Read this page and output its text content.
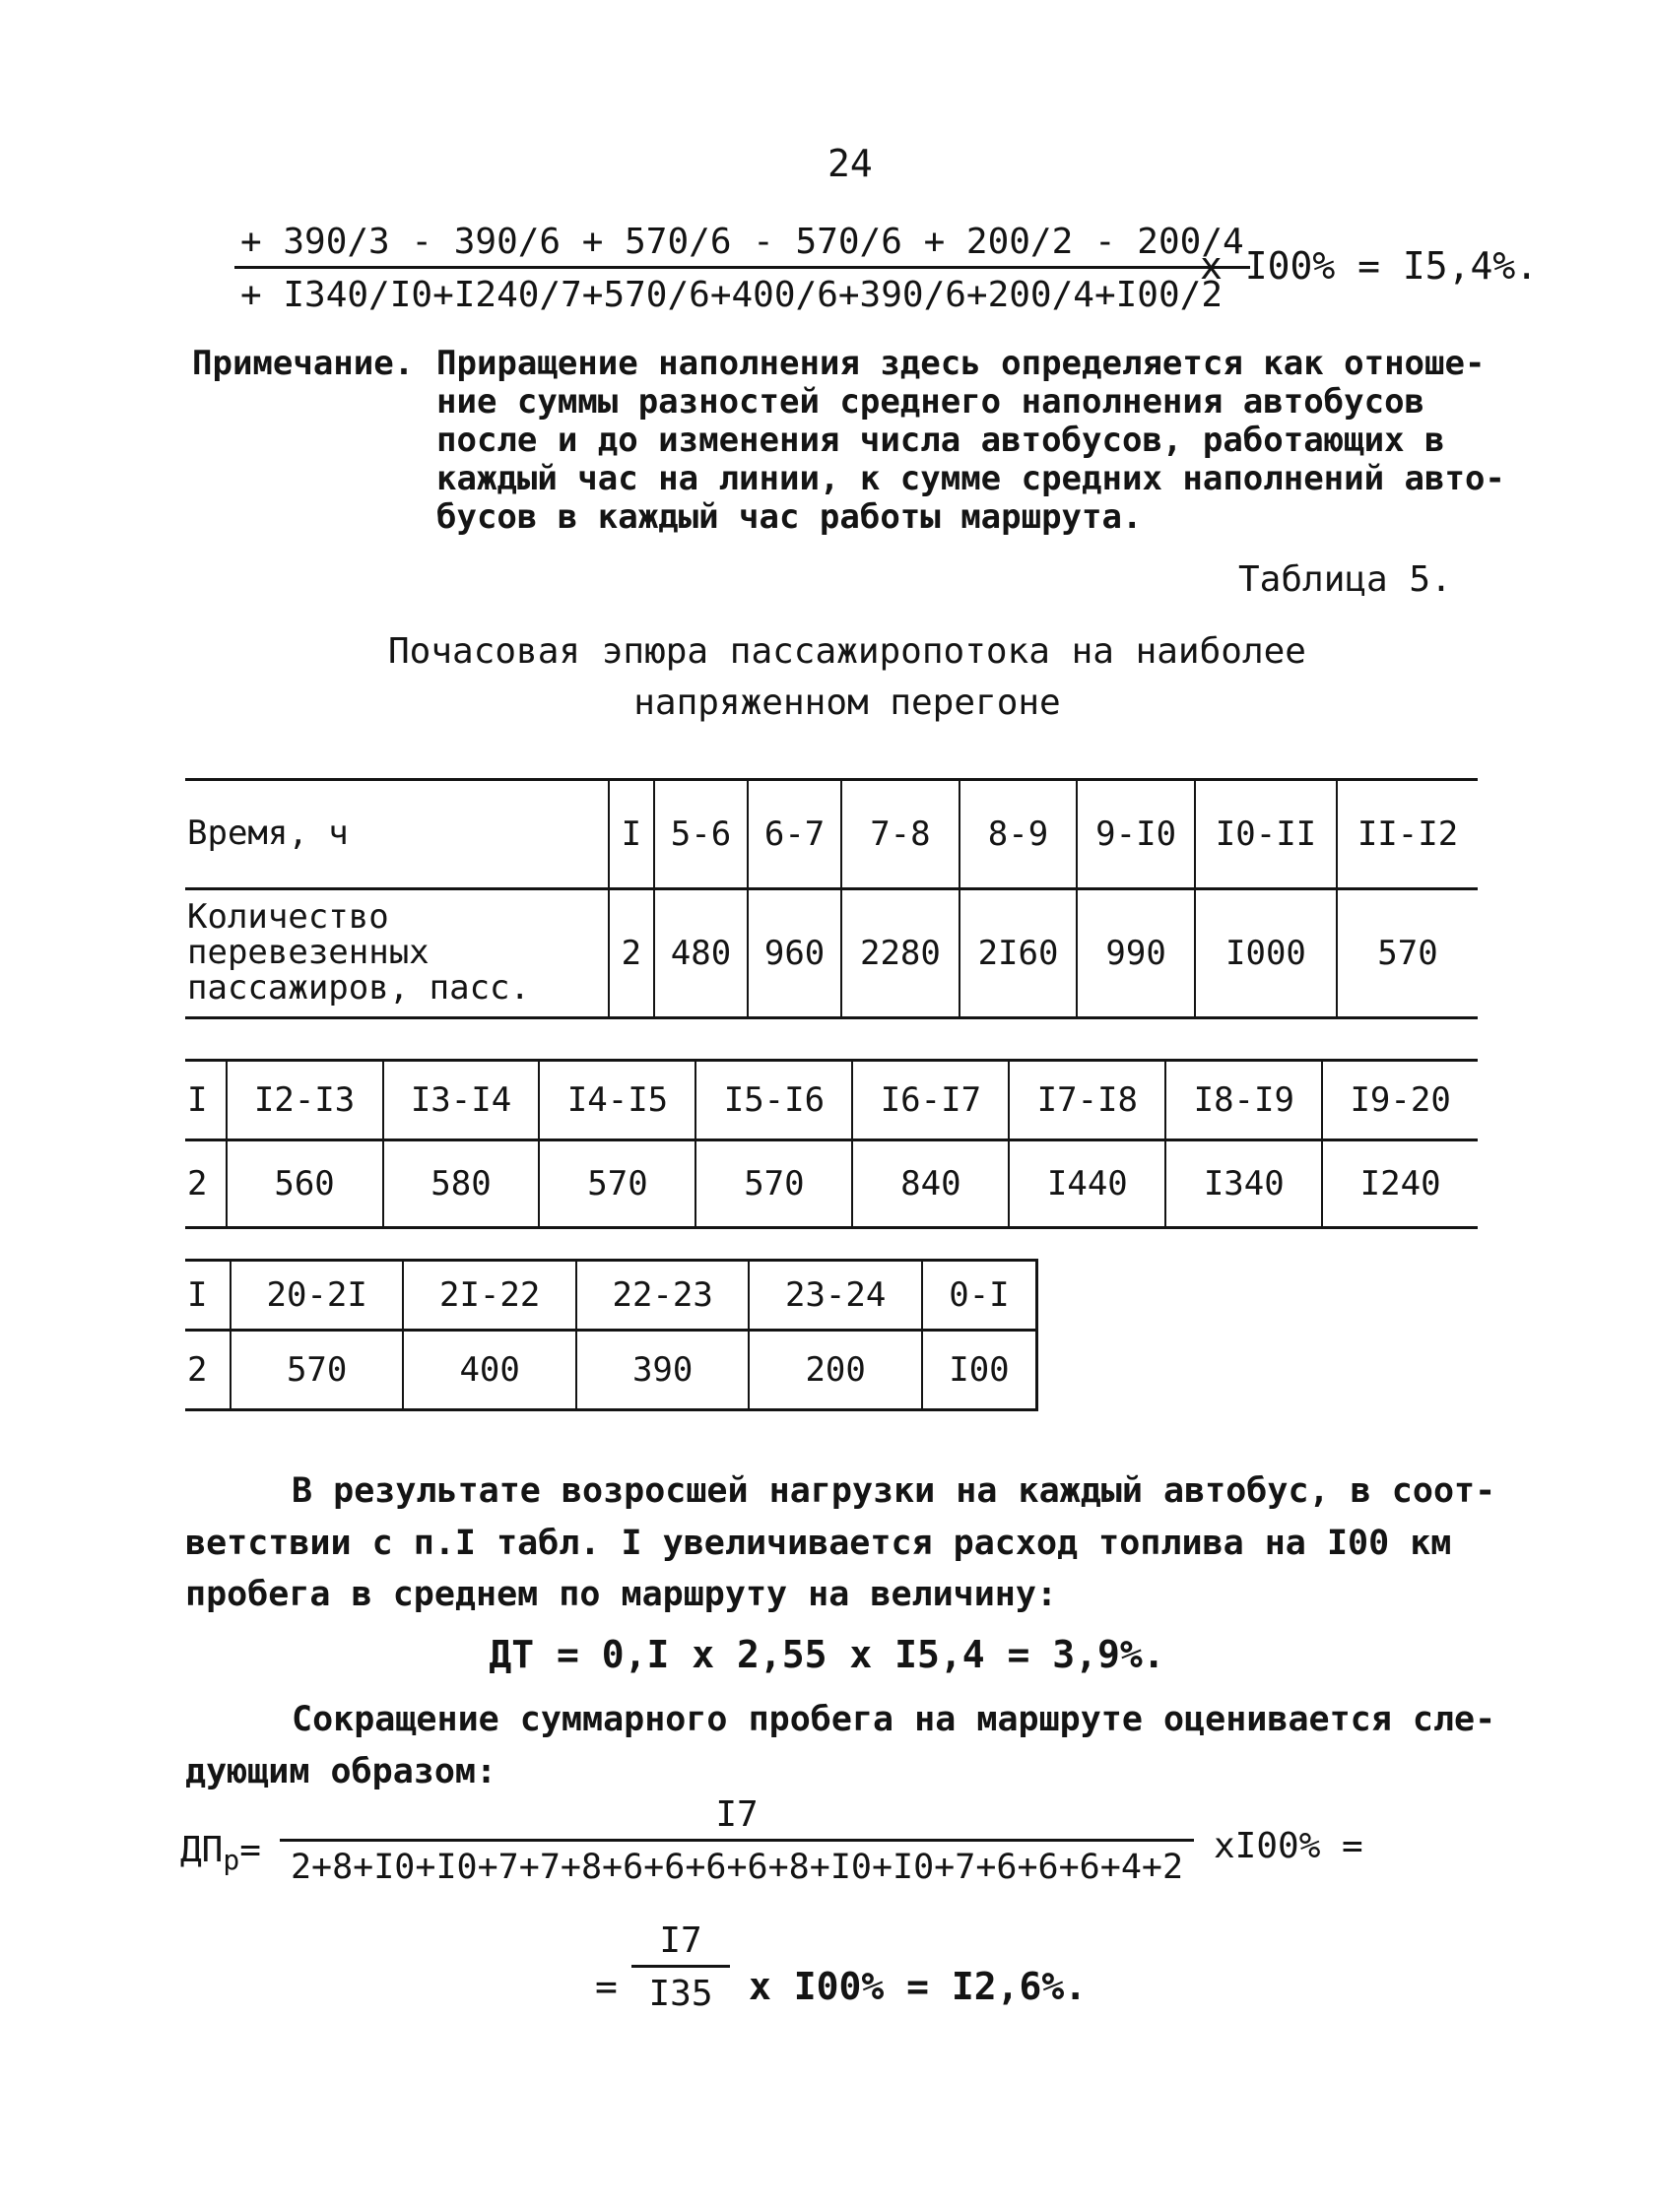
24
+ 390/3 - 390/6 + 570/6 - 570/6 + 200/2 - 200/4
+ I340/I0+I240/7+570/6+400/6+390/6+200/4+I00/2
x I00% = I5,4%.
Примечание. Приращение наполнения здесь определяется как отноше-
ние суммы разностей среднего наполнения автобусов
после и до изменения числа автобусов, работающих в
каждый час на линии, к сумме средних наполнений авто-
бусов в каждый час работы маршрута.
Таблица 5.
Почасовая эпюра пассажиропотока на наиболее
напряженном перегоне
Время, ч	I	5-6	6-7	7-8	8-9	9-I0	I0-II	II-I2

Количество
перевезенных
пассажиров, пасс.	2	480	960	2280	2I60	990	I000	570
I	I2-I3	I3-I4	I4-I5	I5-I6	I6-I7	I7-I8	I8-I9	I9-20
2	560	580	570	570	840	I440	I340	I240
I	20-2I	2I-22	22-23	23-24	0-I
2	570	400	390	200	I00
В результате возросшей нагрузки на каждый автобус, в соот-
ветствии с п.I табл. I увеличивается расход топлива на I00 км
пробега в среднем по маршруту на величину:
ДТ = 0,I x 2,55 x I5,4 = 3,9%.
Сокращение суммарного пробега на маршруте оценивается сле-
дующим образом:
$ДП_р=$
I7
2+8+I0+I0+7+7+8+6+6+6+6+8+I0+I0+7+6+6+6+4+2
xI00% =
=
I7
I35 x I00% = I2,6%.
